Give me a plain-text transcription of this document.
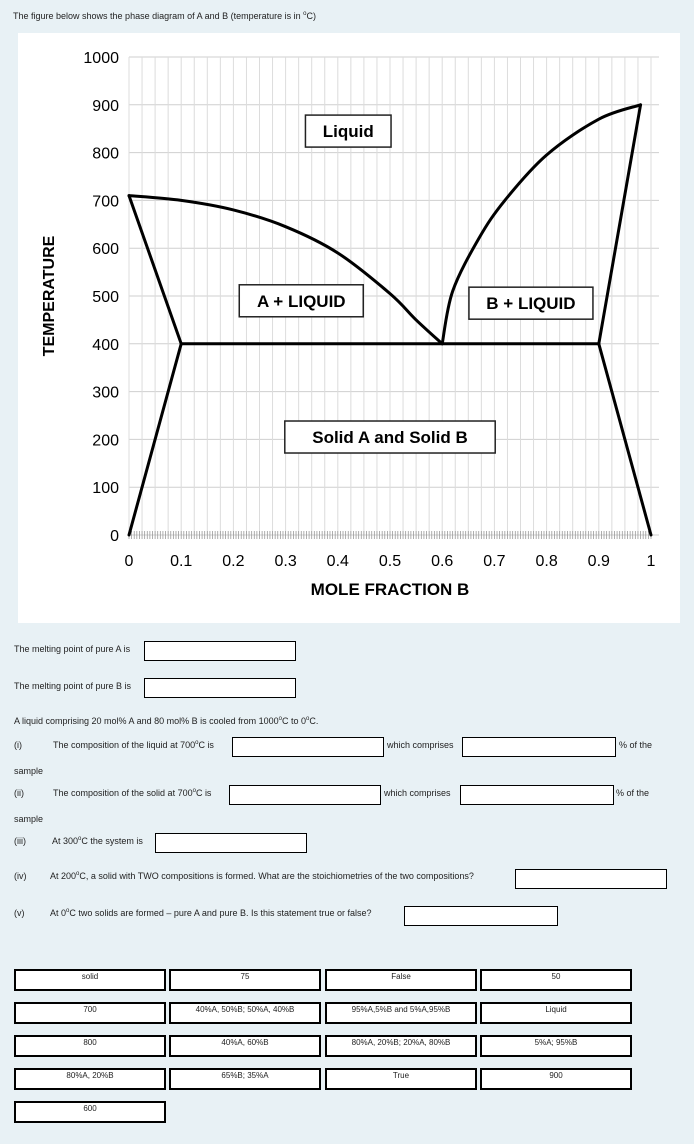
The figure below shows the phase diagram of A and B (temperature is in $^o$C)
0
100
200
300
400
500
600
700
800
900
1000
0 0.1 0.2 0.3 0.4 0.5 0.6 0.7 0.8 0.9 1
MOLE FRACTION B
TEMPERATURE
Liquid
A + LIQUID	B + LIQUID
Solid A and Solid B
The melting point of pure A is
The melting point of pure B is
A liquid comprising 20 mol% A and 80 mol% B is cooled from 1000$^o$C to 0$^o$C.
(i)	The composition of the liquid at 700$^o$C is	which comprises	% of the
sample
(ii)	The composition of the solid at 700$^o$C is	which comprises	% of the
sample
(iii)	At 300$^o$C the system is
(iv)	At 200$^o$C, a solid with TWO compositions is formed. What are the stoichiometries of the two compositions?
(v)	At 0$^o$C two solids are formed – pure A and pure B. Is this statement true or false?
solid	75	False	50
700	40%A, 50%B; 50%A, 40%B	95%A,5%B and 5%A,95%B	Liquid
800	40%A, 60%B	80%A, 20%B; 20%A, 80%B	5%A; 95%B
80%A, 20%B	65%B; 35%A	True	900
600
